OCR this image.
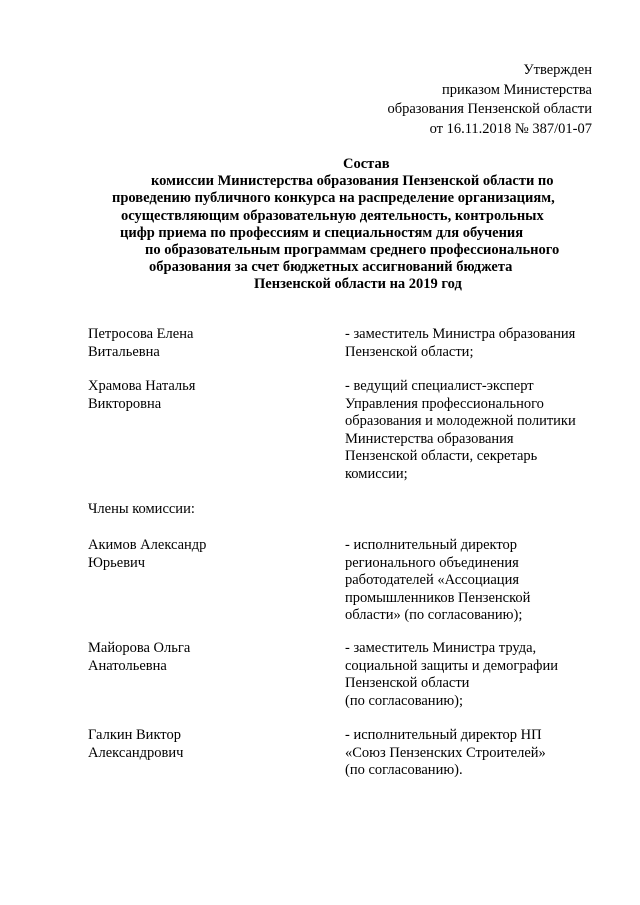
Утвержден
приказом Министерства
образования Пензенской области
от 16.11.2018 № 387/01-07
Состав
комиссии Министерства образования Пензенской области по
проведению публичного конкурса на распределение организациям,
осуществляющим образовательную деятельность, контрольных
цифр приема по профессиям и специальностям для обучения
по образовательным программам среднего профессионального
образования за счет бюджетных ассигнований бюджета
Пензенской области на 2019 год
Петросова Елена
Витальевна
- заместитель Министра образования
Пензенской области;
Храмова Наталья
Викторовна
- ведущий специалист-эксперт
Управления профессионального
образования и молодежной политики
Министерства образования
Пензенской области, секретарь
комиссии;
Члены комиссии:
Акимов Александр
Юрьевич
- исполнительный директор
регионального объединения
работодателей «Ассоциация
промышленников Пензенской
области» (по согласованию);
Майорова Ольга
Анатольевна
- заместитель Министра труда,
социальной защиты и демографии
Пензенской области
(по согласованию);
Галкин Виктор
Александрович
- исполнительный директор НП
«Союз Пензенских Строителей»
(по согласованию).
